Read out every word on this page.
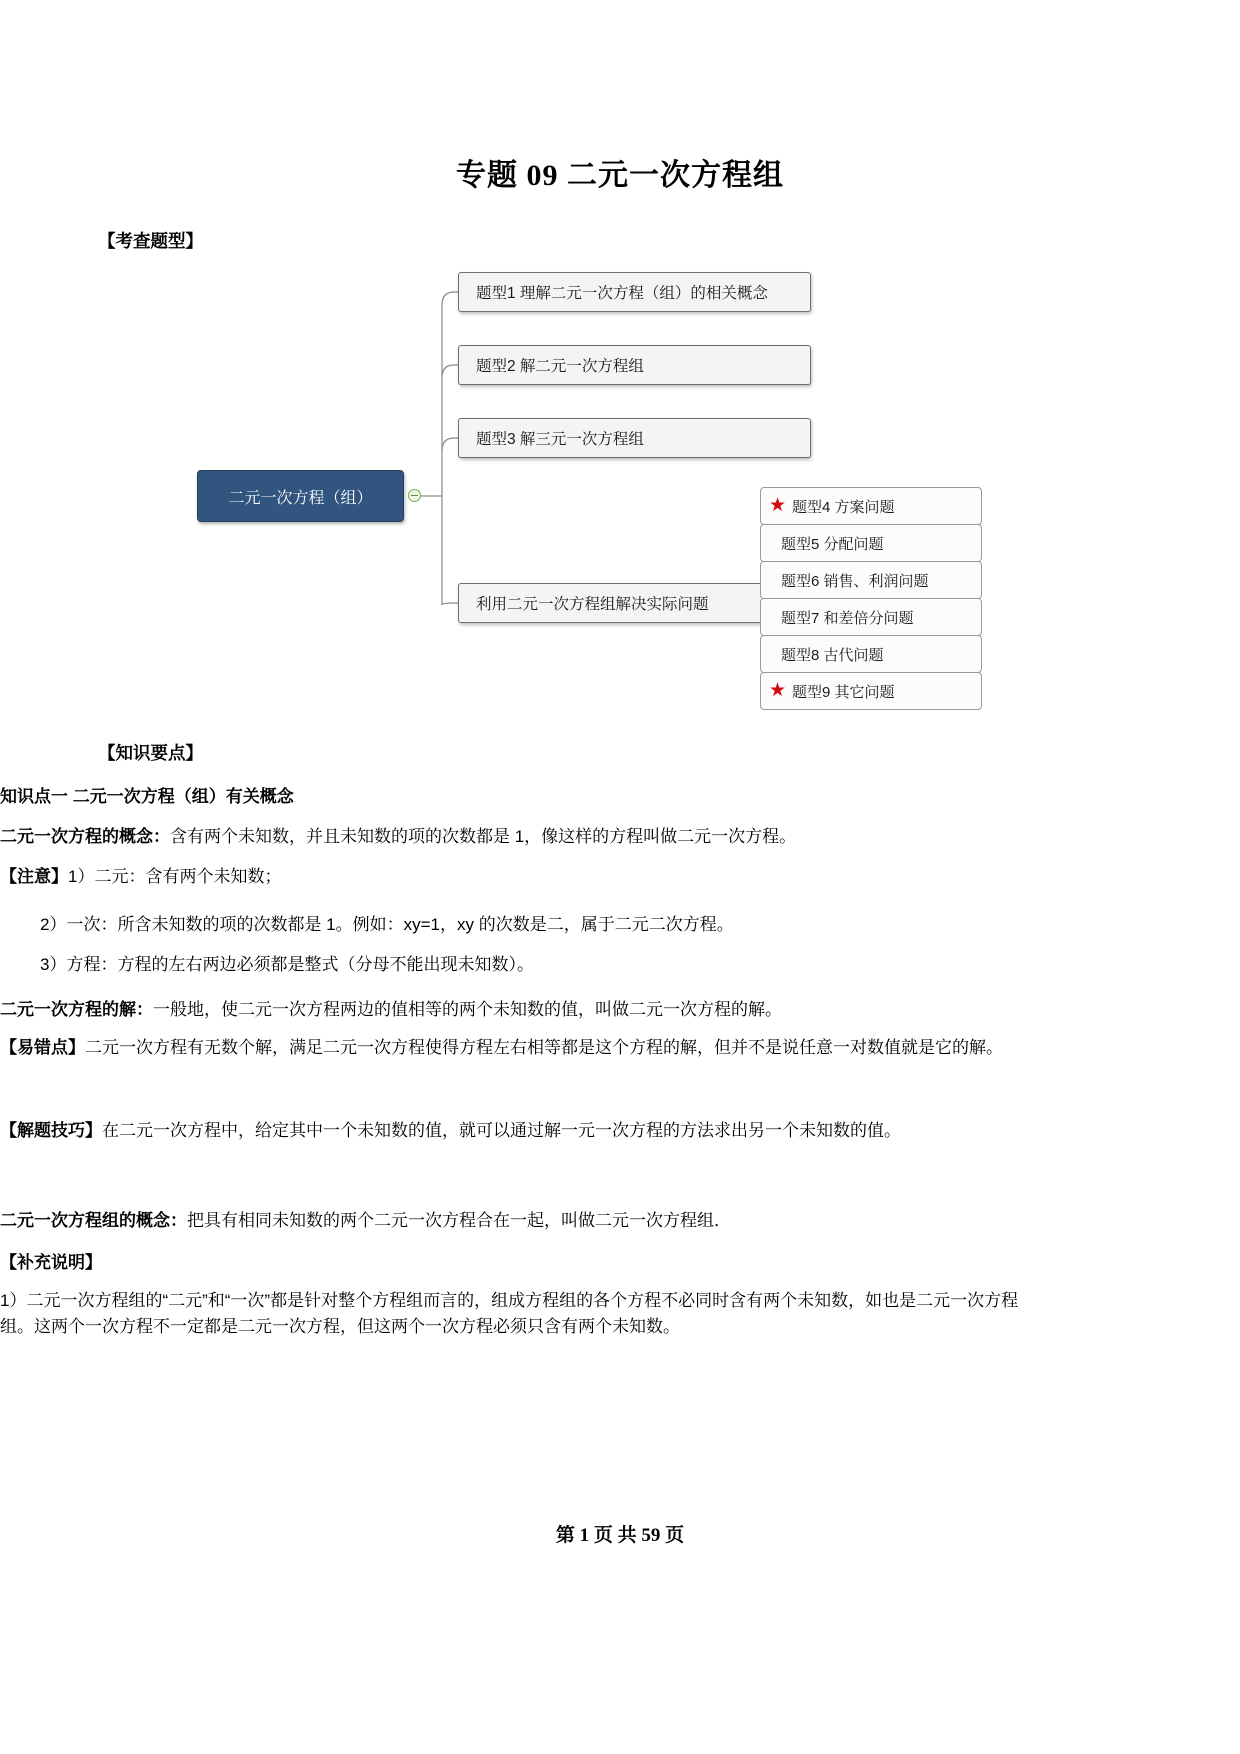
专题 09 二元一次方程组
【考查题型】
二元一次方程（组）
题型1 理解二元一次方程（组）的相关概念
题型2 解二元一次方程组
题型3 解三元一次方程组
利用二元一次方程组解决实际问题
★ 题型4 方案问题
题型5 分配问题
题型6 销售、利润问题
题型7 和差倍分问题
题型8 古代问题
★ 题型9 其它问题
【知识要点】
知识点一 二元一次方程（组）有关概念
二元一次方程的概念：含有两个未知数，并且未知数的项的次数都是 1，像这样的方程叫做二元一次方程。
【注意】1）二元：含有两个未知数；
2）一次：所含未知数的项的次数都是 1。例如：xy=1，xy 的次数是二，属于二元二次方程。
3）方程：方程的左右两边必须都是整式（分母不能出现未知数）。
二元一次方程的解：一般地，使二元一次方程两边的值相等的两个未知数的值，叫做二元一次方程的解。
【易错点】二元一次方程有无数个解，满足二元一次方程使得方程左右相等都是这个方程的解，但并不是说任意一对数值就是它的解。
【解题技巧】在二元一次方程中，给定其中一个未知数的值，就可以通过解一元一次方程的方法求出另一个未知数的值。
二元一次方程组的概念：把具有相同未知数的两个二元一次方程合在一起，叫做二元一次方程组．
【补充说明】
1）二元一次方程组的“二元”和“一次”都是针对整个方程组而言的，组成方程组的各个方程不必同时含有两个未知数，如也是二元一次方程组。这两个一次方程不一定都是二元一次方程，但这两个一次方程必须只含有两个未知数。
第 1 页 共 59 页
